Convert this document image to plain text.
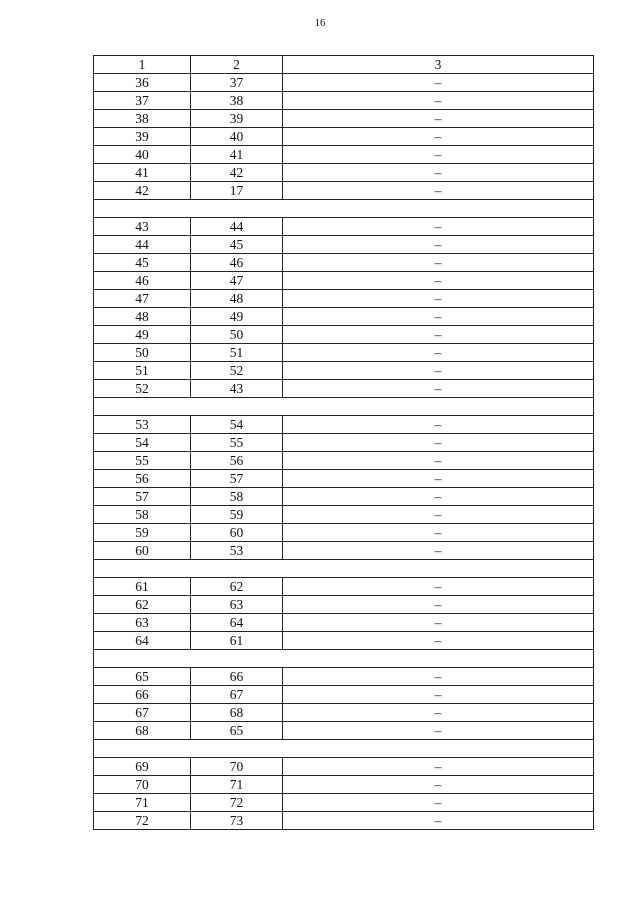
16
1	2	3
36	37	–
37	38	–
38	39	–
39	40	–
40	41	–
41	42	–
42	17	–

43	44	–
44	45	–
45	46	–
46	47	–
47	48	–
48	49	–
49	50	–
50	51	–
51	52	–
52	43	–

53	54	–
54	55	–
55	56	–
56	57	–
57	58	–
58	59	–
59	60	–
60	53	–

61	62	–
62	63	–
63	64	–
64	61	–

65	66	–
66	67	–
67	68	–
68	65	–

69	70	–
70	71	–
71	72	–
72	73	–
